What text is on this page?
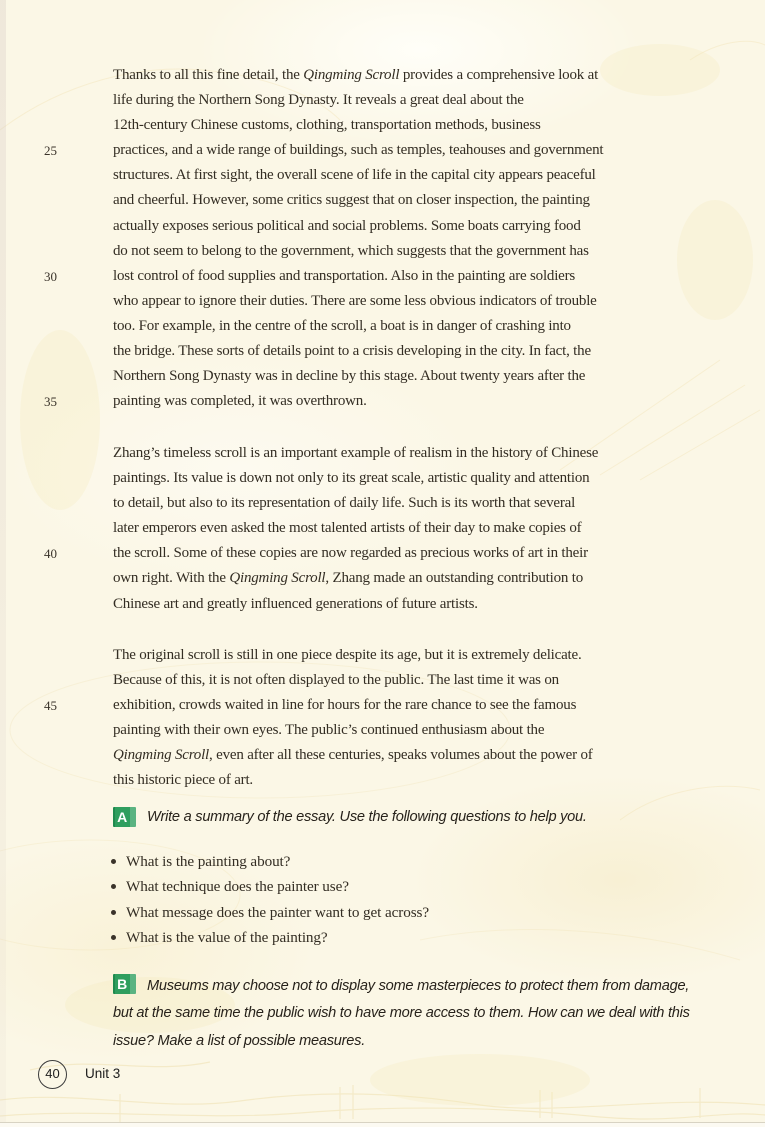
Thanks to all this fine detail, the Qingming Scroll provides a comprehensive look at
life during the Northern Song Dynasty. It reveals a great deal about the
12th-century Chinese customs, clothing, transportation methods, business
25	practices, and a wide range of buildings, such as temples, teahouses and government
structures. At first sight, the overall scene of life in the capital city appears peaceful
and cheerful. However, some critics suggest that on closer inspection, the painting
actually exposes serious political and social problems. Some boats carrying food
do not seem to belong to the government, which suggests that the government has
30	lost control of food supplies and transportation. Also in the painting are soldiers
who appear to ignore their duties. There are some less obvious indicators of trouble
too. For example, in the centre of the scroll, a boat is in danger of crashing into
the bridge. These sorts of details point to a crisis developing in the city. In fact, the
Northern Song Dynasty was in decline by this stage. About twenty years after the
35	painting was completed, it was overthrown.
Zhang’s timeless scroll is an important example of realism in the history of Chinese
paintings. Its value is down not only to its great scale, artistic quality and attention
to detail, but also to its representation of daily life. Such is its worth that several
later emperors even asked the most talented artists of their day to make copies of
40	the scroll. Some of these copies are now regarded as precious works of art in their
own right. With the Qingming Scroll, Zhang made an outstanding contribution to
Chinese art and greatly influenced generations of future artists.
The original scroll is still in one piece despite its age, but it is extremely delicate.
Because of this, it is not often displayed to the public. The last time it was on
45	exhibition, crowds waited in line for hours for the rare chance to see the famous
painting with their own eyes. The public’s continued enthusiasm about the
Qingming Scroll, even after all these centuries, speaks volumes about the power of
this historic piece of art.
A	Write a summary of the essay. Use the following questions to help you.
What is the painting about?
What technique does the painter use?
What message does the painter want to get across?
What is the value of the painting?
B	Museums may choose not to display some masterpieces to protect them from damage,
but at the same time the public wish to have more access to them. How can we deal with this
issue? Make a list of possible measures.
40	Unit 3
